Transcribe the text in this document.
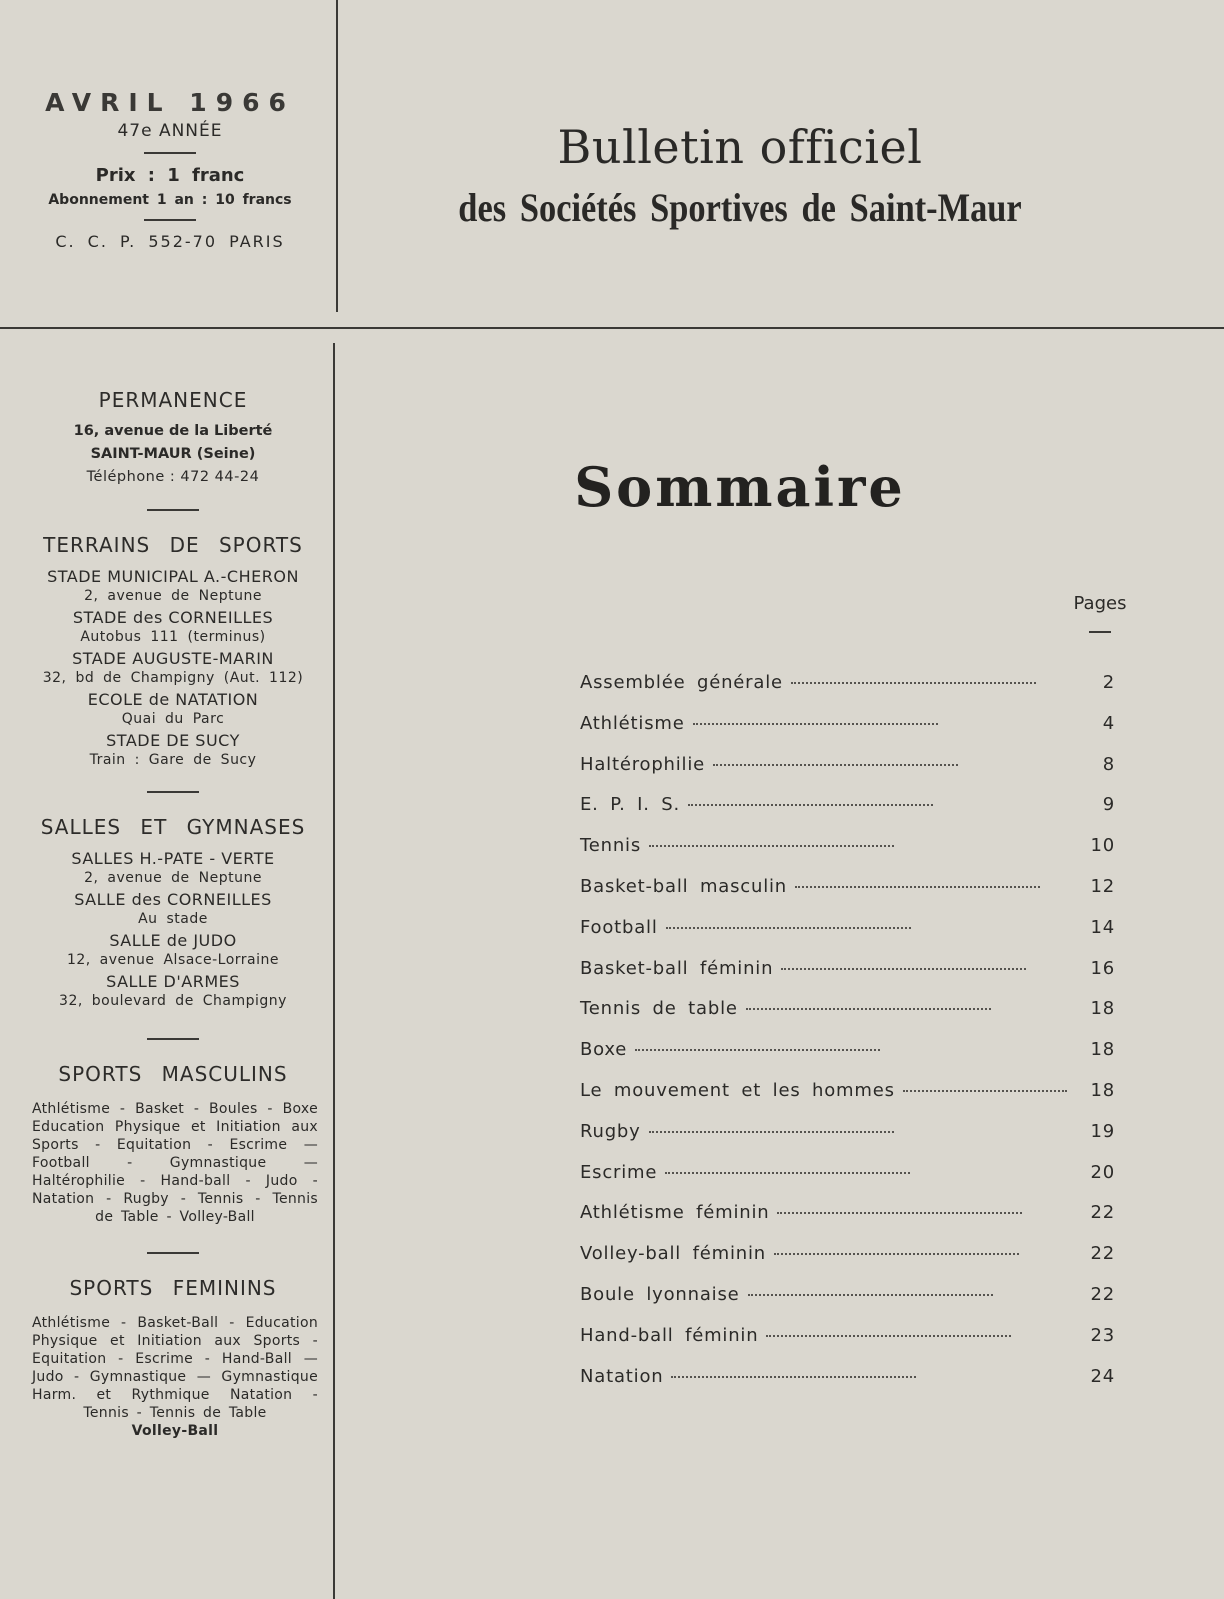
AVRIL 1966
47e ANNÉE
Prix : 1 franc
Abonnement 1 an : 10 francs
C. C. P. 552-70 PARIS
Bulletin officiel
des Sociétés Sportives de Saint-Maur
PERMANENCE
16, avenue de la Liberté
SAINT-MAUR (Seine)
Téléphone : 472 44-24
TERRAINS DE SPORTS
STADE MUNICIPAL A.-CHERON
2, avenue de Neptune
STADE des CORNEILLES
Autobus 111 (terminus)
STADE AUGUSTE-MARIN
32, bd de Champigny (Aut. 112)
ECOLE de NATATION
Quai du Parc
STADE DE SUCY
Train : Gare de Sucy
SALLES ET GYMNASES
SALLES H.-PATE - VERTE
2, avenue de Neptune
SALLE des CORNEILLES
Au stade
SALLE de JUDO
12, avenue Alsace-Lorraine
SALLE D'ARMES
32, boulevard de Champigny
SPORTS MASCULINS
Athlétisme - Basket - Boules - Boxe Education Physique et Initiation aux Sports - Equitation - Escrime — Football - Gymnastique — Haltérophilie - Hand-ball - Judo - Natation - Rugby - Tennis - Tennis de Table - Volley-Ball
SPORTS FEMININS
Athlétisme - Basket-Ball - Education Physique et Initiation aux Sports - Equitation - Escrime - Hand-Ball — Judo - Gymnastique — Gymnastique Harm. et Rythmique Natation - Tennis - Tennis de Table
Volley-Ball
Sommaire
Pages
Assemblée générale	2
Athlétisme	4
Haltérophilie	8
E. P. I. S.	9
Tennis	10
Basket-ball masculin	12
Football	14
Basket-ball féminin	16
Tennis de table	18
Boxe	18
Le mouvement et les hommes	18
Rugby	19
Escrime	20
Athlétisme féminin	22
Volley-ball féminin	22
Boule lyonnaise	22
Hand-ball féminin	23
Natation	24
